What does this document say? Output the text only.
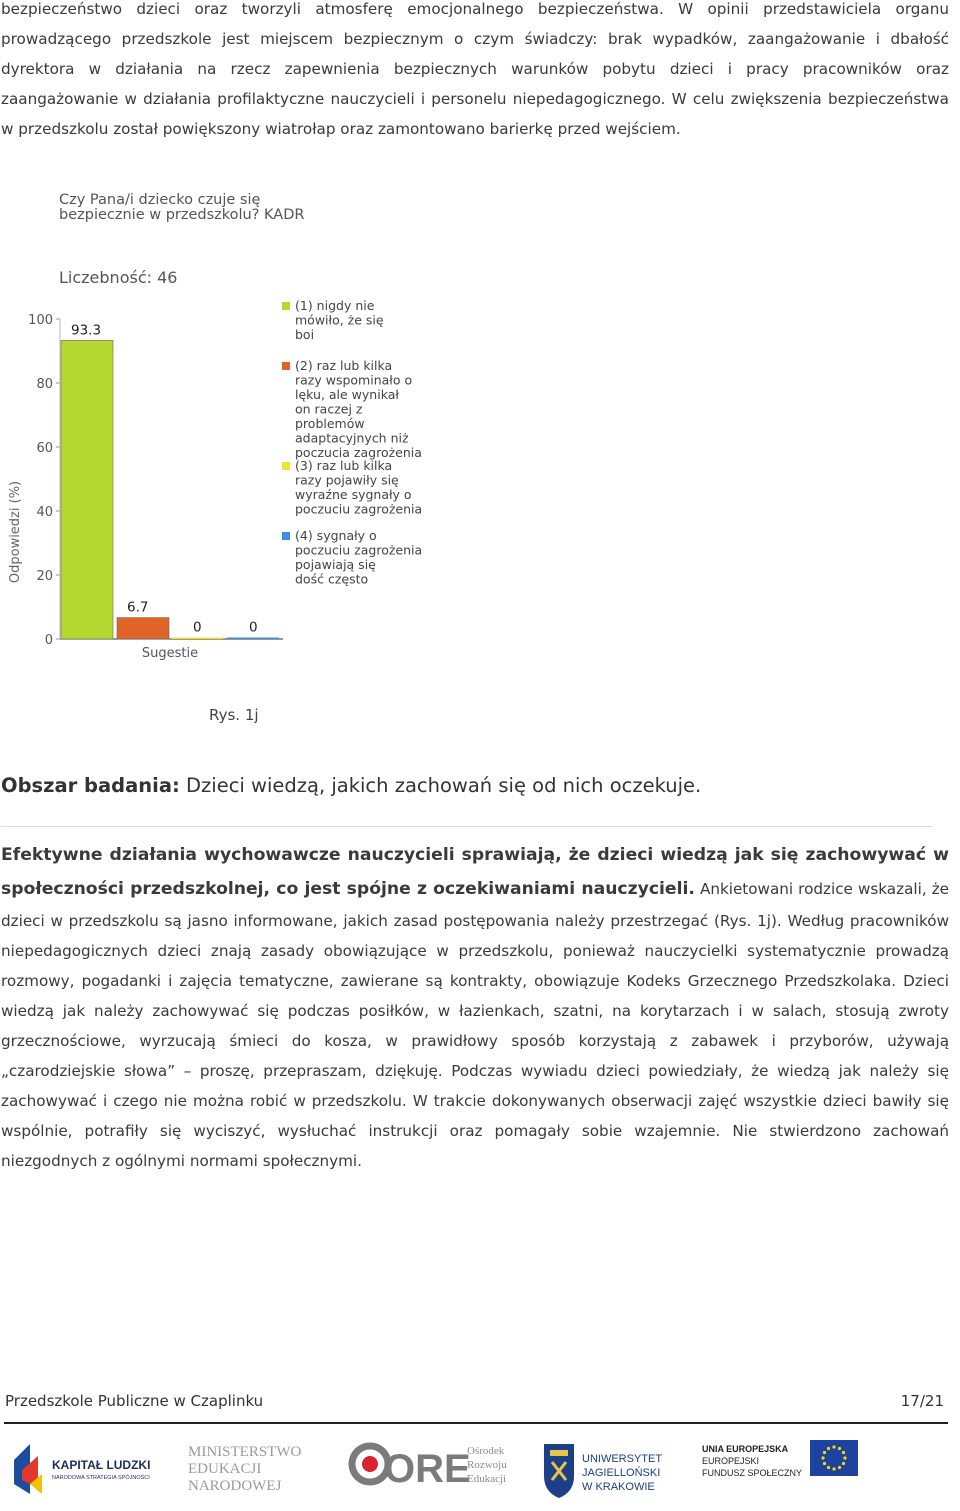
bezpieczeństwo dzieci oraz tworzyli atmosferę emocjonalnego bezpieczeństwa. W opinii przedstawiciela organu prowadzącego przedszkole jest miejscem bezpiecznym o czym świadczy: brak wypadków, zaangażowanie i dbałość dyrektora w działania na rzecz zapewnienia bezpiecznych warunków pobytu dzieci i pracy pracowników oraz zaangażowanie w działania profilaktyczne nauczycieli i personelu niepedagogicznego. W celu zwiększenia bezpieczeństwa w przedszkolu został powiększony wiatrołap oraz zamontowano barierkę przed wejściem.

Czy Pana/i dziecko czuje się
bezpiecznie w przedszkolu? KADR
Liczebność: 46
Odpowiedzi (%)
0
20
40
60
80
100
93.3
6.7
0	0
Sugestie
(1) nigdy nie
mówiło, że się
boi
(2) raz lub kilka
razy wspominało o
lęku, ale wynikał
on raczej z
problemów
adaptacyjnych niż
poczucia zagrożenia
(3) raz lub kilka
razy pojawiły się
wyraźne sygnały o
poczuciu zagrożenia
(4) sygnały o
poczuciu zagrożenia
pojawiają się
dość często
Rys. 1j
Obszar badania: Dzieci wiedzą, jakich zachowań się od nich oczekuje.

Efektywne działania wychowawcze nauczycieli sprawiają, że dzieci wiedzą jak się zachowywać w społeczności przedszkolnej, co jest spójne z oczekiwaniami nauczycieli. Ankietowani rodzice wskazali, że dzieci w przedszkolu są jasno informowane, jakich zasad postępowania należy przestrzegać (Rys. 1j). Według pracowników niepedagogicznych dzieci znają zasady obowiązujące w przedszkolu, ponieważ nauczycielki systematycznie prowadzą rozmowy, pogadanki i zajęcia tematyczne, zawierane są kontrakty, obowiązuje Kodeks Grzecznego Przedszkolaka. Dzieci wiedzą jak należy zachowywać się podczas posiłków, w łazienkach, szatni, na korytarzach i w salach, stosują zwroty grzecznościowe, wyrzucają śmieci do kosza, w prawidłowy sposób korzystają z zabawek i przyborów, używają „czarodziejskie słowa” – proszę, przepraszam, dziękuję. Podczas wywiadu dzieci powiedziały, że wiedzą jak należy się zachowywać i czego nie można robić w przedszkolu. W trakcie dokonywanych obserwacji zajęć wszystkie dzieci bawiły się wspólnie, potrafiły się wyciszyć, wysłuchać instrukcji oraz pomagały sobie wzajemnie. Nie stwierdzono zachowań niezgodnych z ogólnymi normami społecznymi.

Przedszkole Publiczne w Czaplinku	17/21
KAPITAŁ LUDZKI
NARODOWA STRATEGIA SPÓJNOŚCI
MINISTERSTWO
EDUKACJI
NARODOWEJ	ORE
Ośrodek
Rozwoju
Edukacji
UNIWERSYTET
JAGIELLOŃSKI
W KRAKOWIE
UNIA EUROPEJSKA
EUROPEJSKI
FUNDUSZ SPOŁECZNY
